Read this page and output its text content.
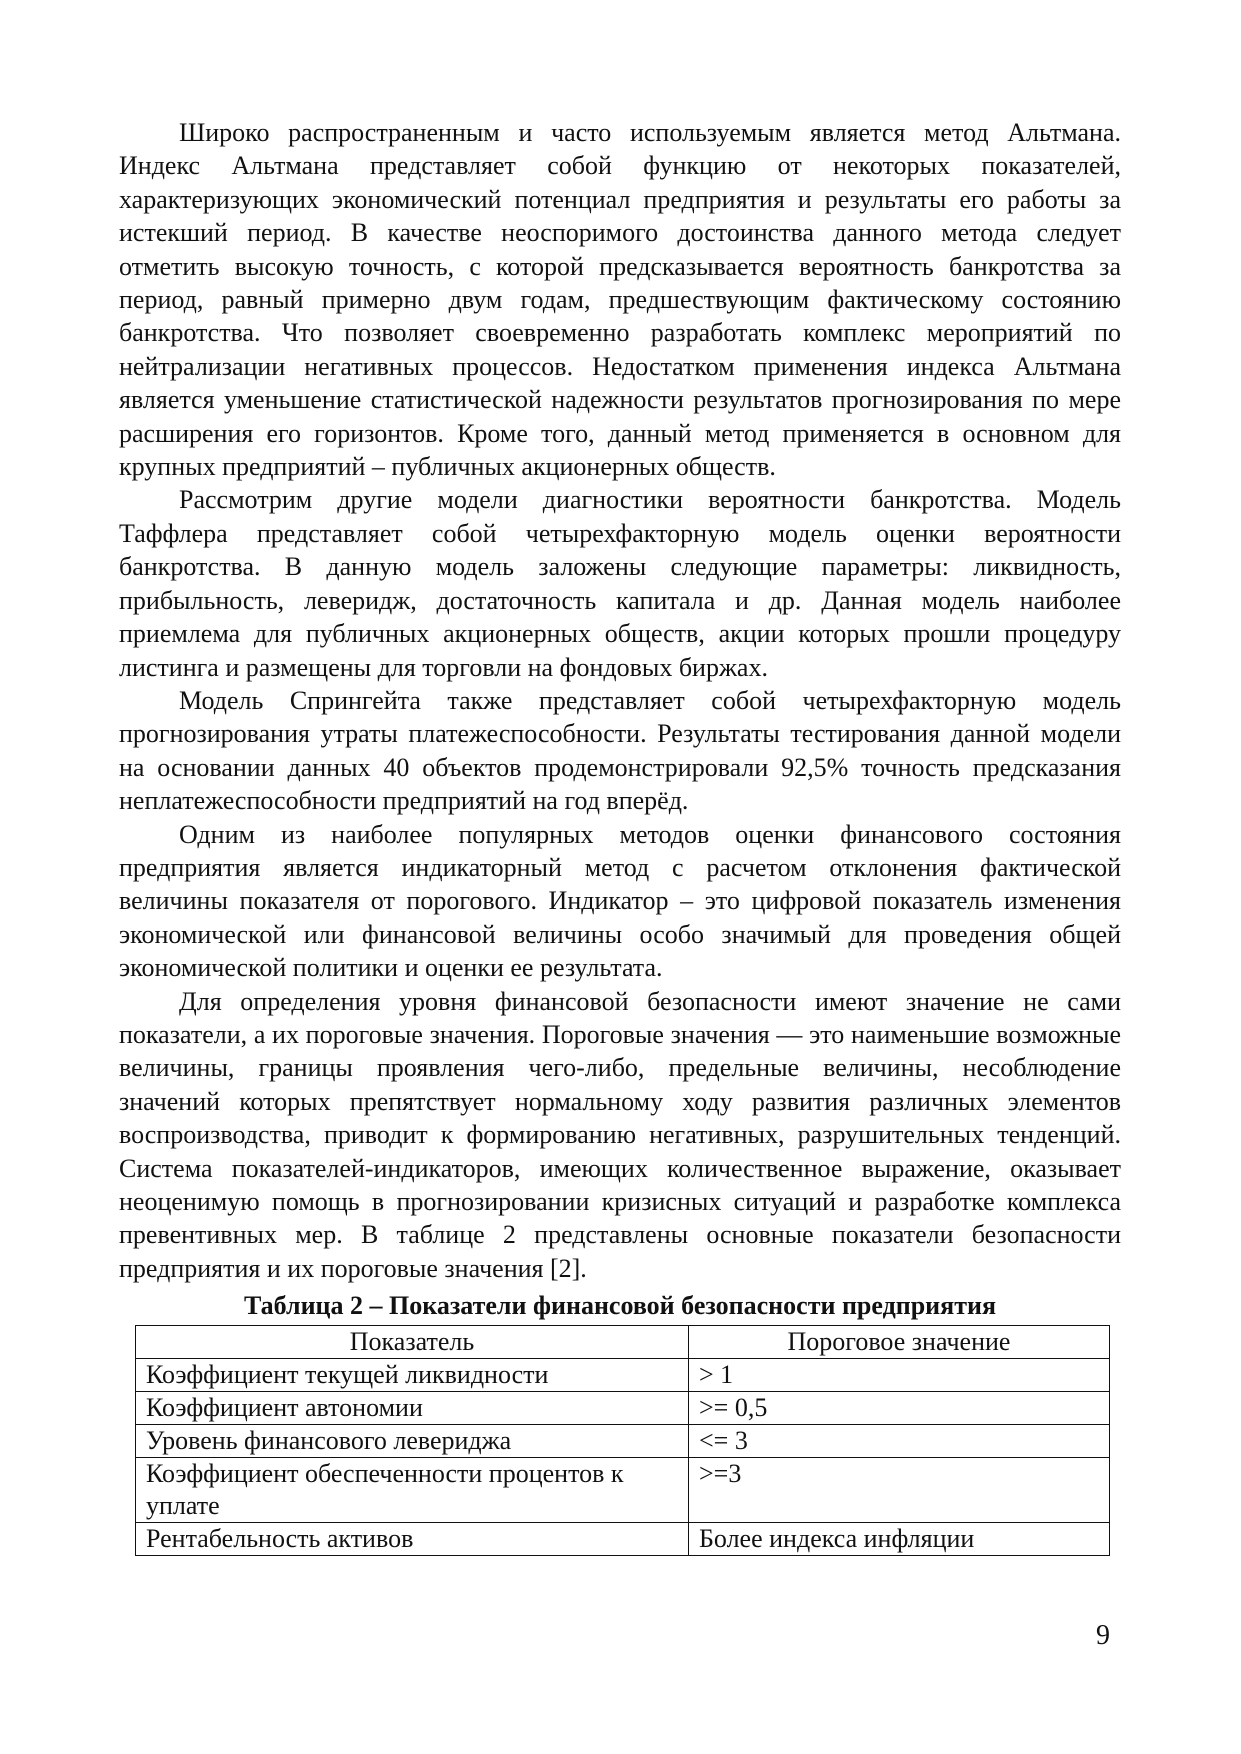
Широко распространенным и часто используемым является метод Альтмана. Индекс Альтмана представляет собой функцию от некоторых показателей, характеризующих экономический потенциал предприятия и результаты его работы за истекший период. В качестве неоспоримого достоинства данного метода следует отметить высокую точность, с которой предсказывается вероятность банкротства за период, равный примерно двум годам, предшествующим фактическому состоянию банкротства. Что позволяет своевременно разработать комплекс мероприятий по нейтрализации негативных процессов. Недостатком применения индекса Альтмана является уменьшение статистической надежности результатов прогнозирования по мере расширения его горизонтов. Кроме того, данный метод применяется в основном для крупных предприятий – публичных акционерных обществ.

Рассмотрим другие модели диагностики вероятности банкротства. Модель Таффлера представляет собой четырехфакторную модель оценки вероятности банкротства. В данную модель заложены следующие параметры: ликвидность, прибыльность, леверидж, достаточность капитала и др. Данная модель наиболее приемлема для публичных акционерных обществ, акции которых прошли процедуру листинга и размещены для торговли на фондовых биржах.

Модель Спрингейта также представляет собой четырехфакторную модель прогнозирования утраты платежеспособности. Результаты тестирования данной модели на основании данных 40 объектов продемонстрировали 92,5% точность предсказания неплатежеспособности предприятий на год вперёд.

Одним из наиболее популярных методов оценки финансового состояния предприятия является индикаторный метод с расчетом отклонения фактической величины показателя от порогового. Индикатор – это цифровой показатель изменения экономической или финансовой величины особо значимый для проведения общей экономической политики и оценки ее результата.

Для определения уровня финансовой безопасности имеют значение не сами показатели, а их пороговые значения. Пороговые значения — это наименьшие возможные величины, границы проявления чего-либо, предельные величины, несоблюдение значений которых препятствует нормальному ходу развития различных элементов воспроизводства, приводит к формированию негативных, разрушительных тенденций. Система показателей-индикаторов, имеющих количественное выражение, оказывает неоценимую помощь в прогнозировании кризисных ситуаций и разработке комплекса превентивных мер. В таблице 2 представлены основные показатели безопасности предприятия и их пороговые значения [2].

Таблица 2 – Показатели финансовой безопасности предприятия
Показатель	Пороговое значение
Коэффициент текущей ликвидности	> 1
Коэффициент автономии	>= 0,5
Уровень финансового левериджа	<= 3
Коэффициент обеспеченности процентов к уплате	>=3
Рентабельность активов	Более индекса инфляции
9
